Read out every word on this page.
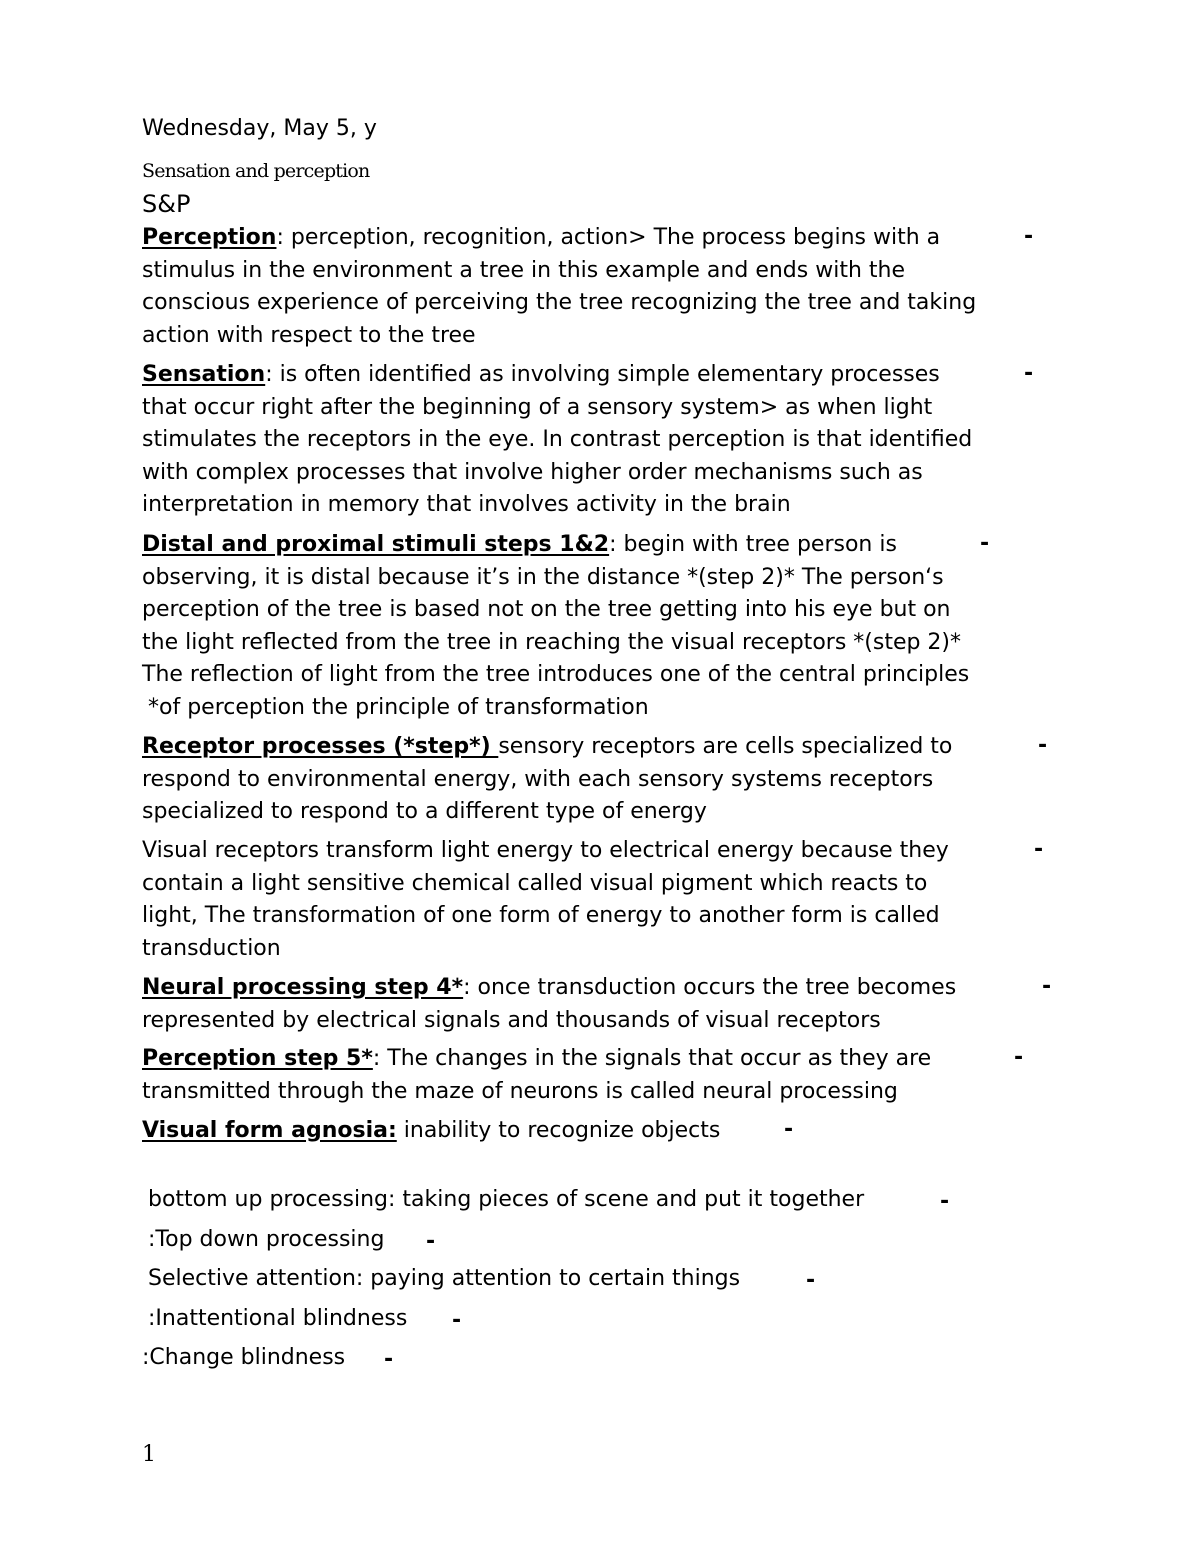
Wednesday, May 5, y
Sensation and perception
S&P
Perception: perception, recognition, action> The process begins with a
stimulus in the environment a tree in this example and ends with the
conscious experience of perceiving the tree recognizing the tree and taking
action with respect to the tree
-
Sensation: is often identified as involving simple elementary processes
that occur right after the beginning of a sensory system> as when light
stimulates the receptors in the eye. In contrast perception is that identified
with complex processes that involve higher order mechanisms such as
interpretation in memory that involves activity in the brain
-
Distal and proximal stimuli steps 1&2: begin with tree person is
observing, it is distal because it’s in the distance *(step 2)* The person‘s
perception of the tree is based not on the tree getting into his eye but on
the light reflected from the tree in reaching the visual receptors *(step 2)*
The reflection of light from the tree introduces one of the central principles
*of perception the principle of transformation
-
Receptor processes (*step*) sensory receptors are cells specialized to
respond to environmental energy, with each sensory systems receptors
specialized to respond to a different type of energy
-
Visual receptors transform light energy to electrical energy because they
contain a light sensitive chemical called visual pigment which reacts to
light, The transformation of one form of energy to another form is called
transduction
-
Neural processing step 4*: once transduction occurs the tree becomes
represented by electrical signals and thousands of visual receptors
-
Perception step 5*: The changes in the signals that occur as they are
transmitted through the maze of neurons is called neural processing
-
Visual form agnosia: inability to recognize objects	-
bottom up processing: taking pieces of scene and put it together	-
:Top down processing -
Selective attention: paying attention to certain things	-
:Inattentional blindness -
:Change blindness -
1
